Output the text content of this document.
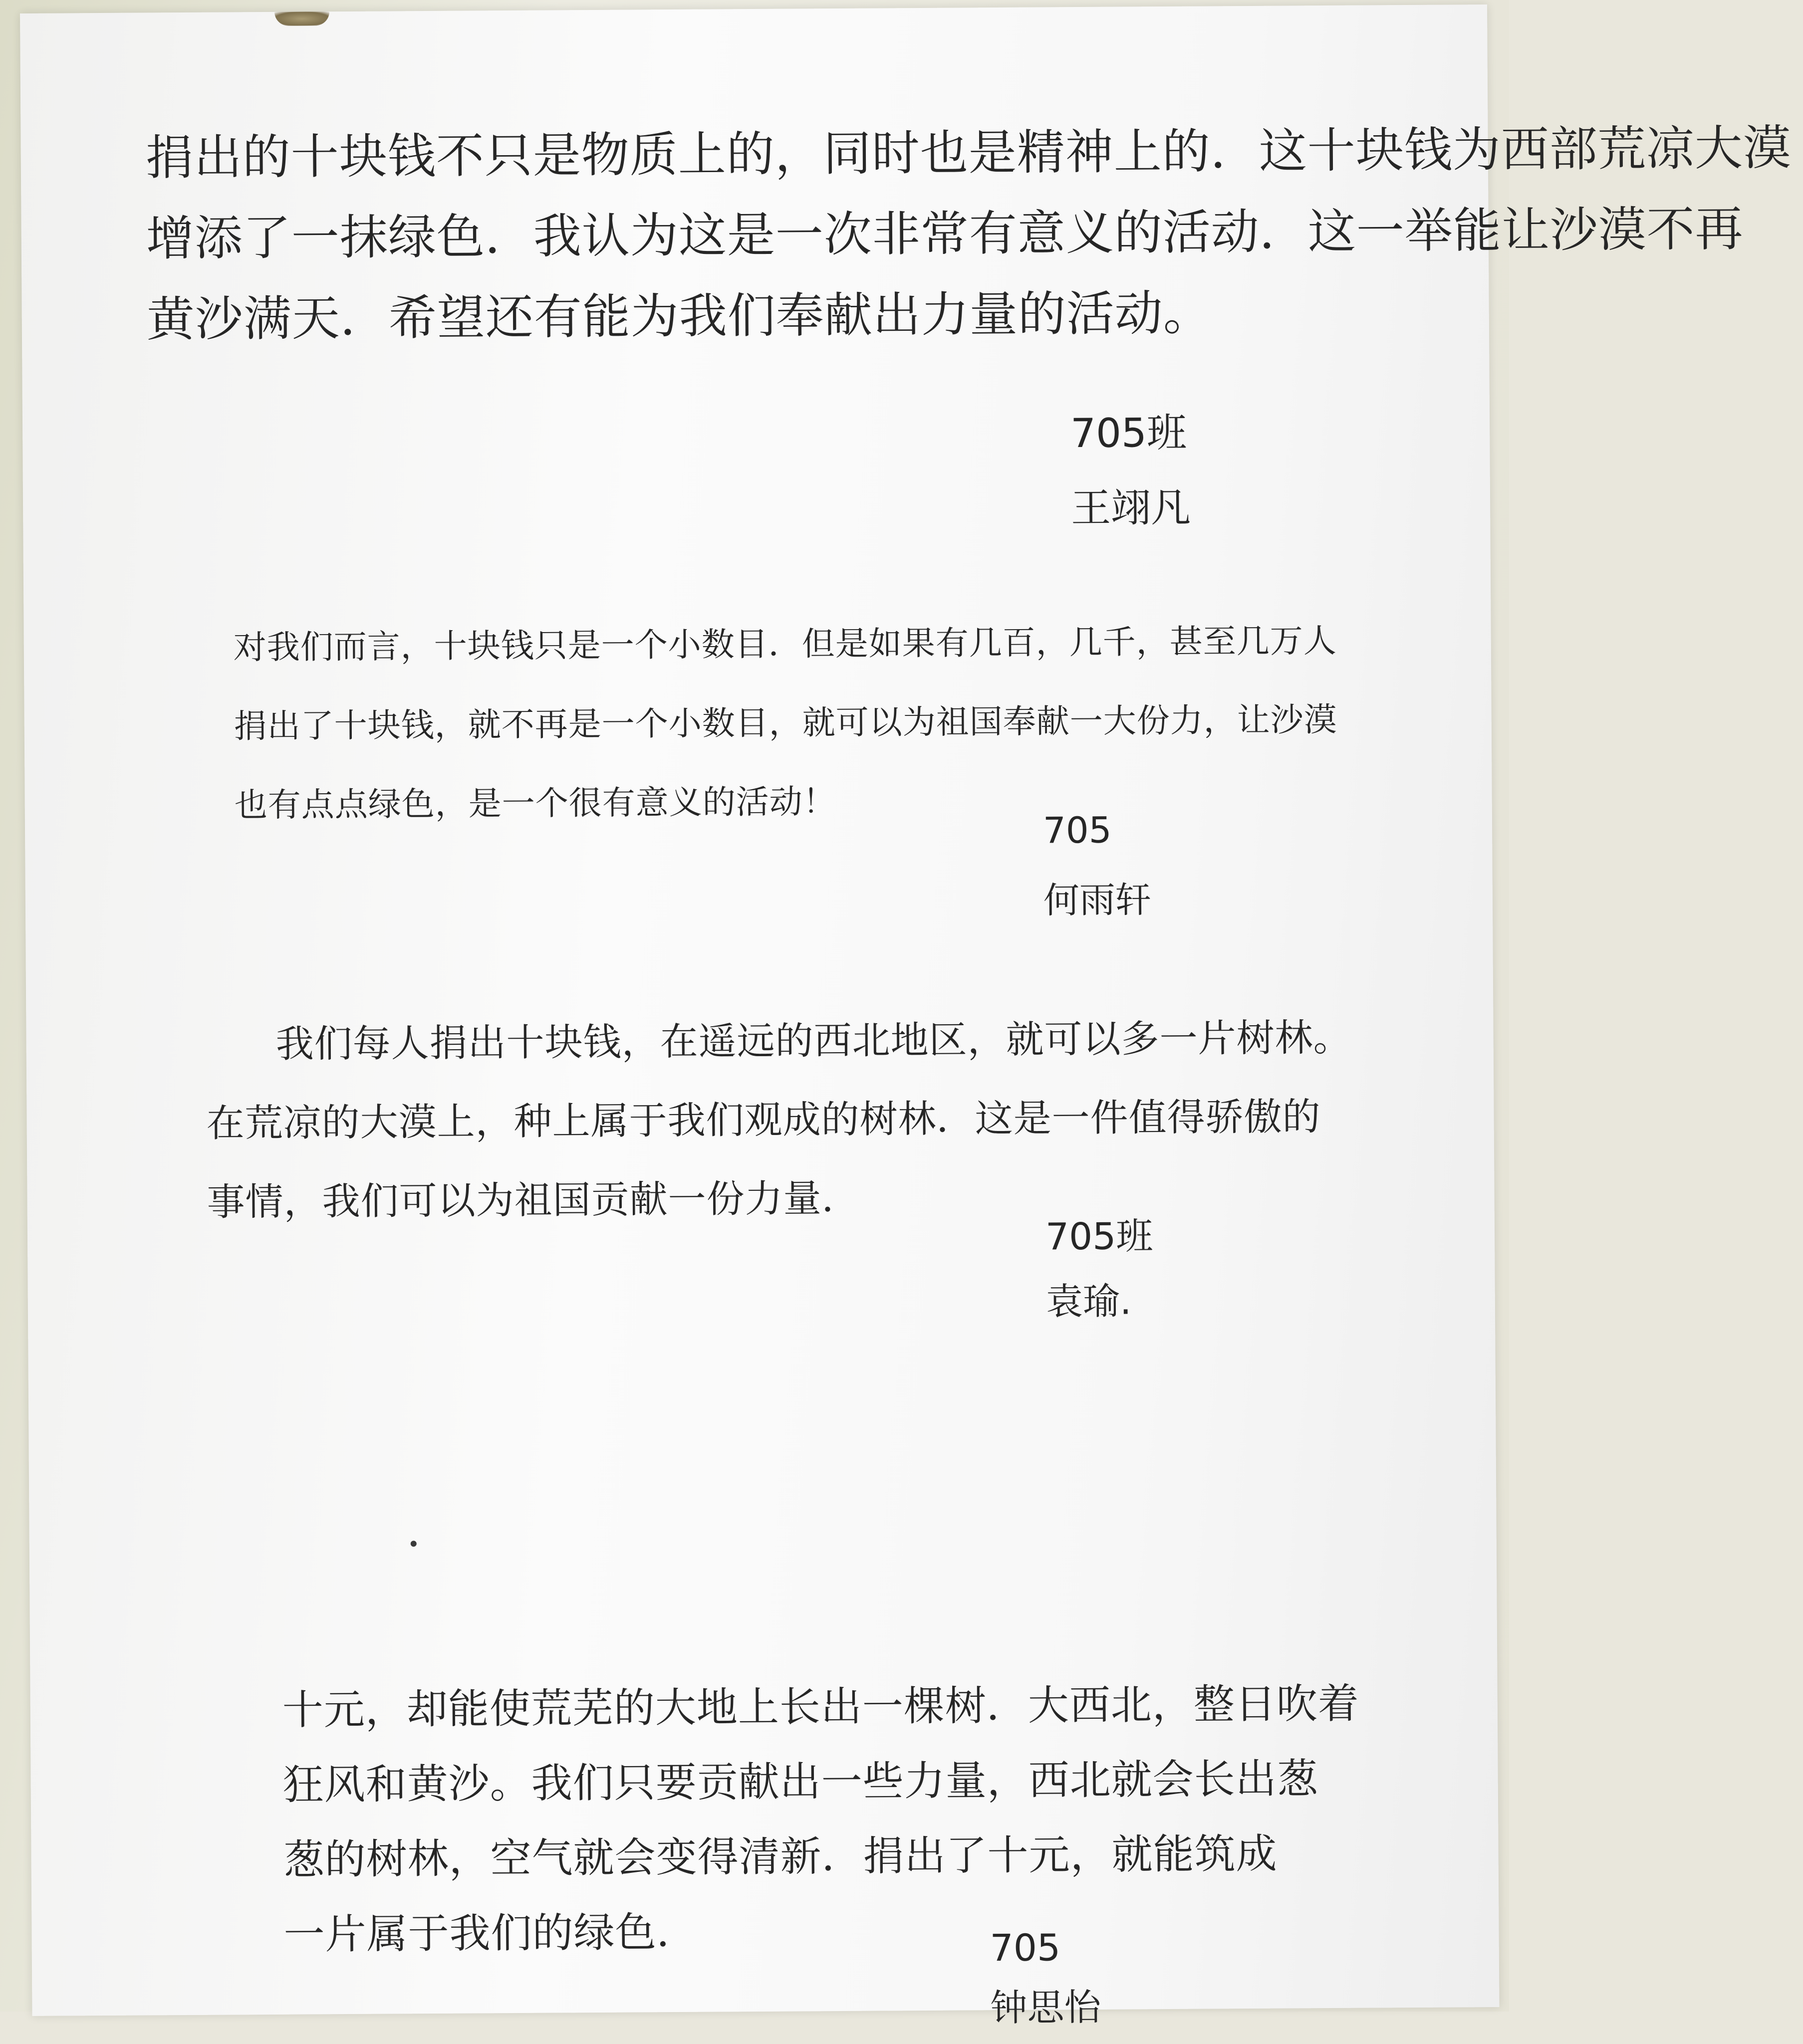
捐出的十块钱不只是物质上的，同时也是精神上的．这十块钱为西部荒凉大漠
增添了一抹绿色．我认为这是一次非常有意义的活动．这一举能让沙漠不再
黄沙满天．希望还有能为我们奉献出力量的活动。
705班
王翊凡
对我们而言，十块钱只是一个小数目．但是如果有几百，几千，甚至几万人
捐出了十块钱，就不再是一个小数目，就可以为祖国奉献一大份力，让沙漠
也有点点绿色，是一个很有意义的活动！
705
何雨轩
我们每人捐出十块钱，在遥远的西北地区，就可以多一片树林。
在荒凉的大漠上，种上属于我们观成的树林．这是一件值得骄傲的
事情，我们可以为祖国贡献一份力量．
705班
袁瑜.
十元，却能使荒芜的大地上长出一棵树．大西北，整日吹着
狂风和黄沙。我们只要贡献出一些力量，西北就会长出葱
葱的树林，空气就会变得清新．捐出了十元，就能筑成
一片属于我们的绿色．	705
钟思怡
